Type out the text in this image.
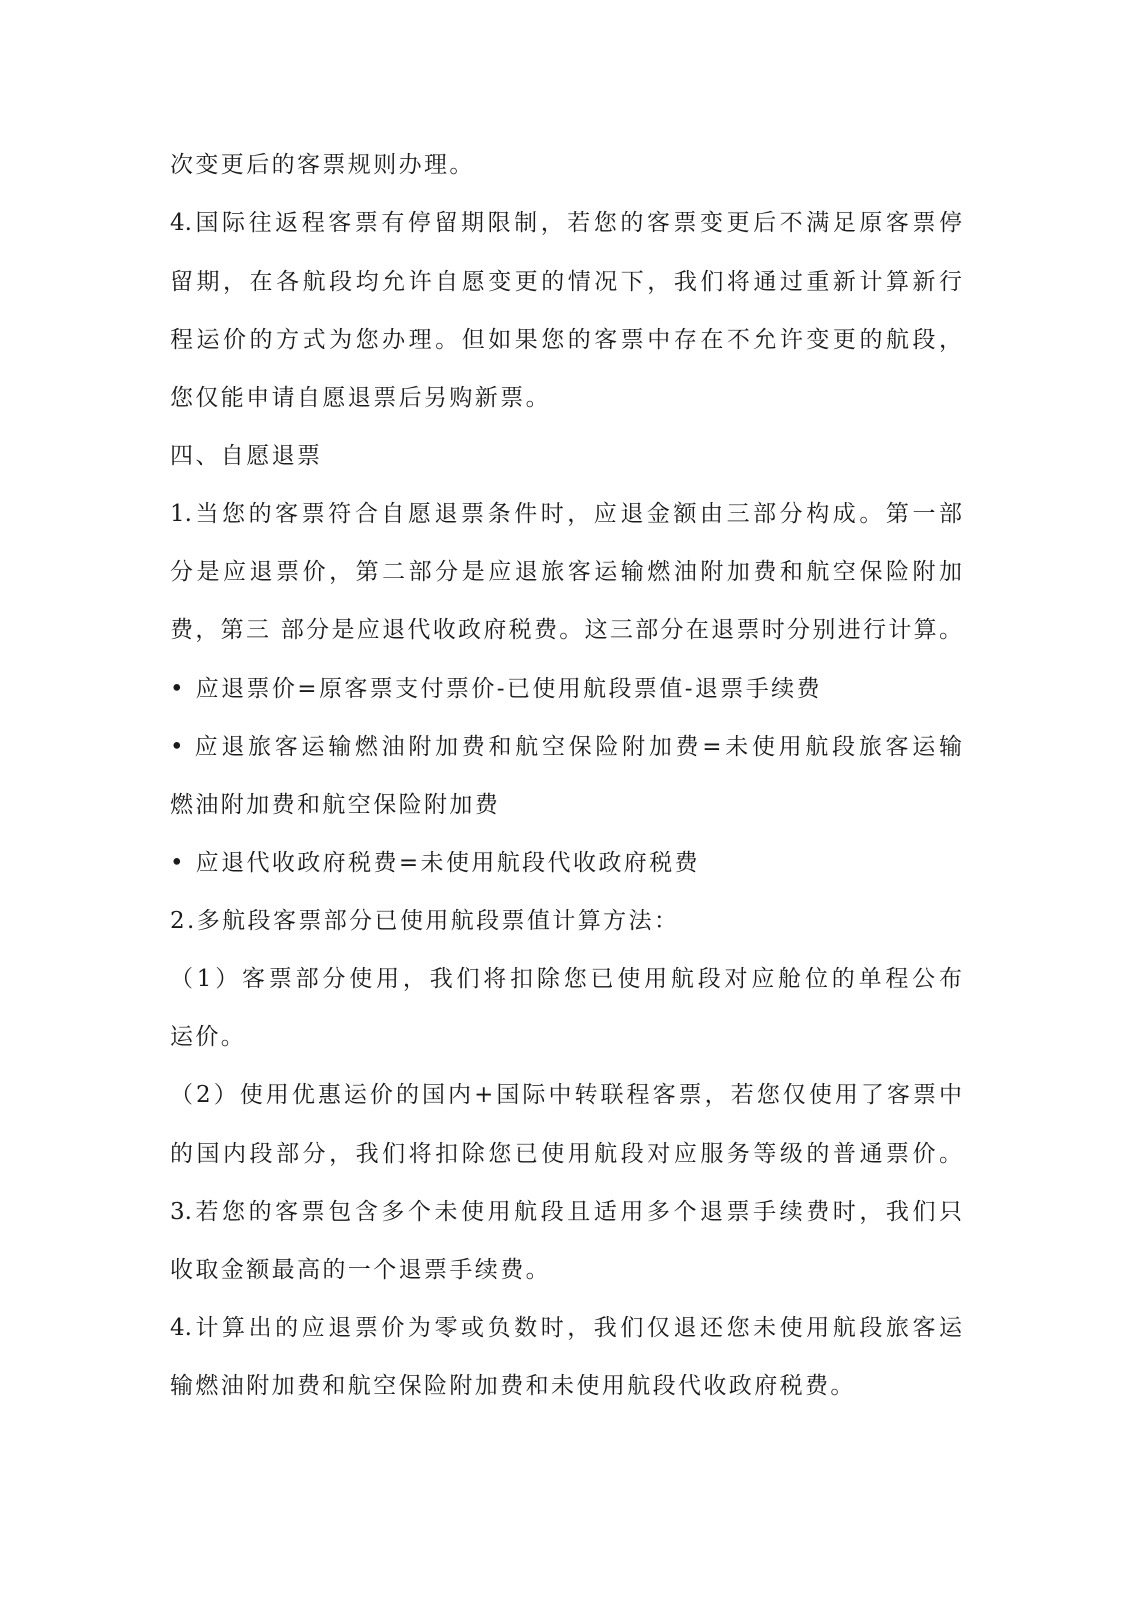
次变更后的客票规则办理。
4.国际往返程客票有停留期限制，若您的客票变更后不满足原客票停
留期，在各航段均允许自愿变更的情况下，我们将通过重新计算新行
程运价的方式为您办理。但如果您的客票中存在不允许变更的航段，
您仅能申请自愿退票后另购新票。
四、自愿退票
1.当您的客票符合自愿退票条件时，应退金额由三部分构成。第一部
分是应退票价，第二部分是应退旅客运输燃油附加费和航空保险附加
费，第三 部分是应退代收政府税费。这三部分在退票时分别进行计算。
• 应退票价=原客票支付票价-已使用航段票值-退票手续费
• 应退旅客运输燃油附加费和航空保险附加费=未使用航段旅客运输
燃油附加费和航空保险附加费
• 应退代收政府税费=未使用航段代收政府税费
2.多航段客票部分已使用航段票值计算方法：
（1）客票部分使用，我们将扣除您已使用航段对应舱位的单程公布
运价。
（2）使用优惠运价的国内+国际中转联程客票，若您仅使用了客票中
的国内段部分，我们将扣除您已使用航段对应服务等级的普通票价。
3.若您的客票包含多个未使用航段且适用多个退票手续费时，我们只
收取金额最高的一个退票手续费。
4.计算出的应退票价为零或负数时，我们仅退还您未使用航段旅客运
输燃油附加费和航空保险附加费和未使用航段代收政府税费。
